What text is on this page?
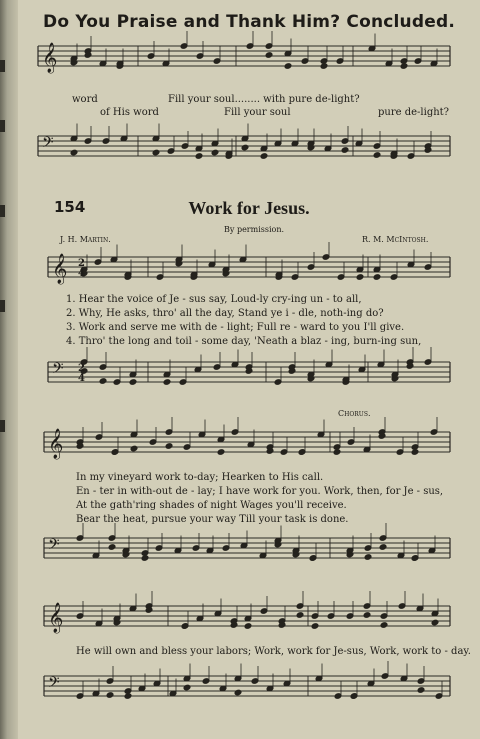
Do You Praise and Thank Him? Concluded.
𝄞
𝄢
𝄞
𝄢
𝄞
𝄢
𝄞
𝄢
2
4
2
4
word	Fill your soul........ with pure de-light?
of His word	Fill your soul	pure de-light?
154	Work for Jesus.
By permission.
J. H. Martin.	R. M. McIntosh.
1. Hear the voice of Je - sus say, Loud-ly cry-ing un - to all,
2. Why, He asks, thro' all the day, Stand ye i - dle, noth-ing do?
3. Work and serve me with de - light; Full re - ward to you I'll give.
4. Thro' the long and toil - some day, 'Neath a blaz - ing, burn-ing sun,
Chorus.
In my vineyard work to-day; Hearken to His call.
En - ter in with-out de - lay; I have work for you. Work, then, for Je - sus,
At the gath'ring shades of night Wages you'll receive.
Bear the heat, pursue your way Till your task is done.
He will own and bless your labors; Work, work for Je-sus, Work, work to - day.
